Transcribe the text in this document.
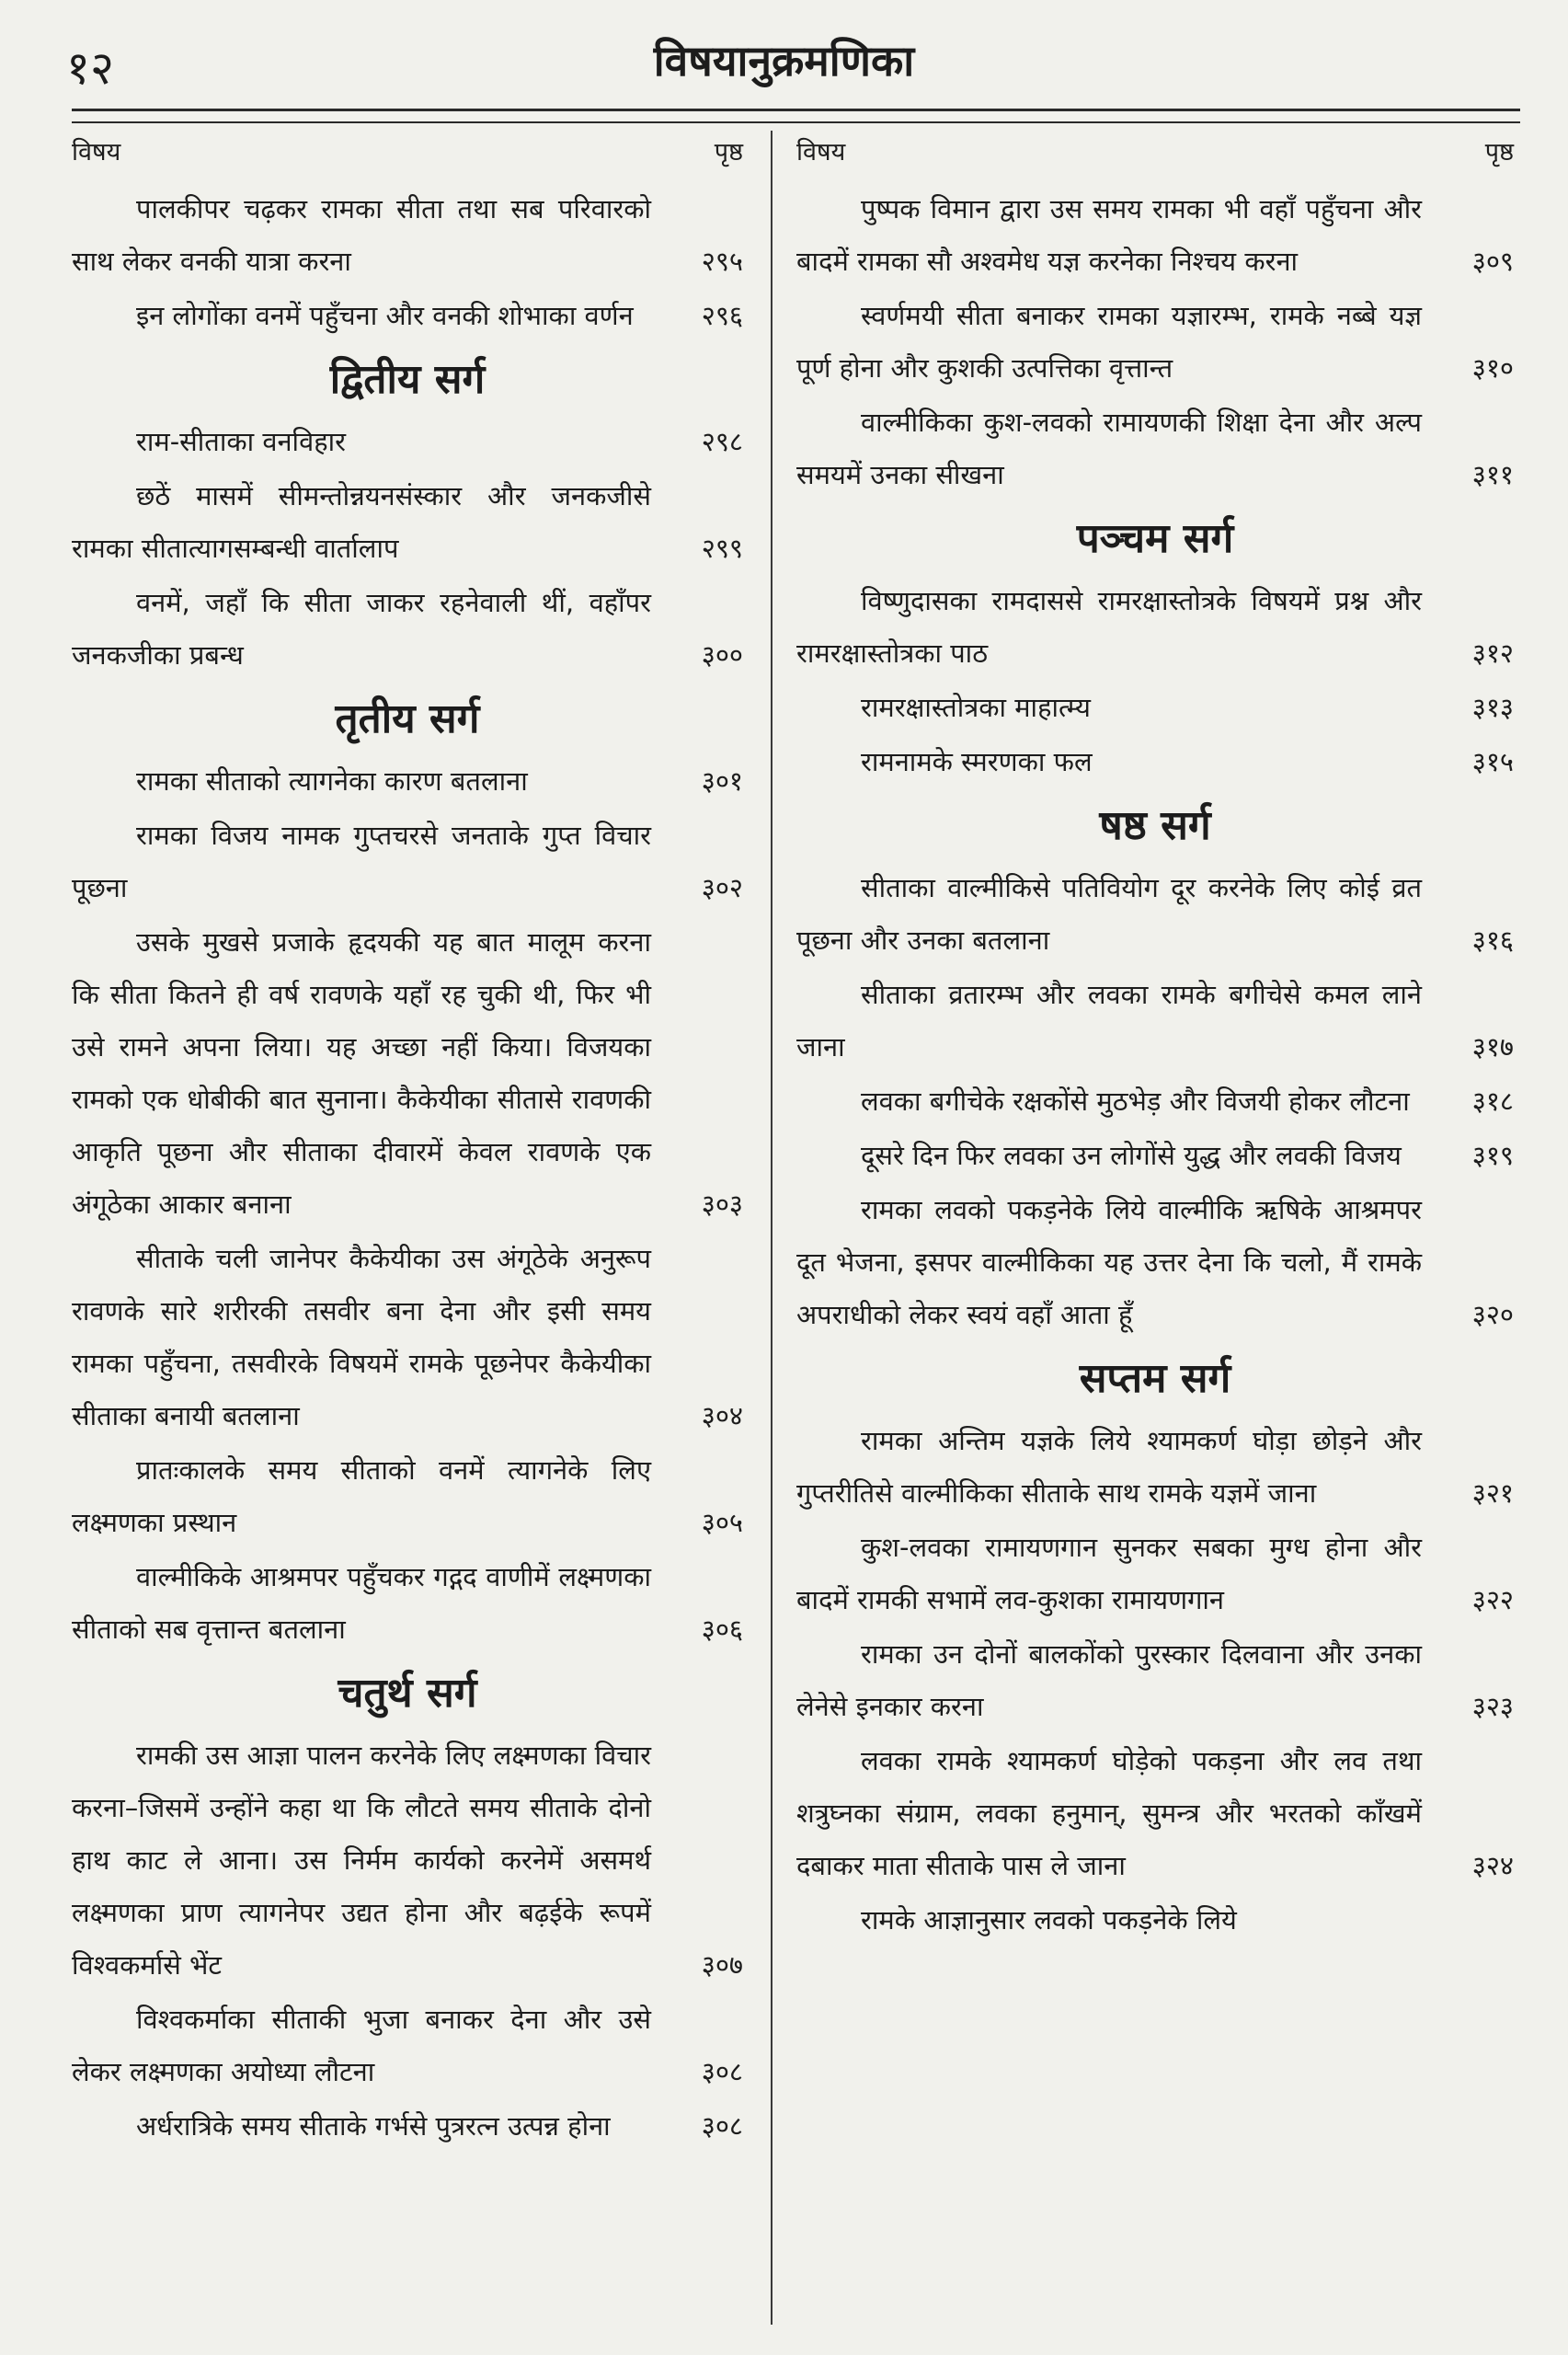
१२	विषयानुक्रमणिका
विषय	पृष्ठ
पालकीपर चढ़कर रामका सीता तथा सब परिवारको साथ लेकर वनकी यात्रा करना	२९५
इन लोगोंका वनमें पहुँचना और वनकी शोभाका वर्णन	२९६
द्वितीय सर्ग
राम-सीताका वनविहार	२९८
छठें मासमें सीमन्तोन्नयनसंस्कार और जनकजीसे रामका सीतात्यागसम्बन्धी वार्तालाप	२९९
वनमें, जहाँ कि सीता जाकर रहनेवाली थीं, वहाँपर जनकजीका प्रबन्ध	३००
तृतीय सर्ग
रामका सीताको त्यागनेका कारण बतलाना	३०१
रामका विजय नामक गुप्तचरसे जनताके गुप्त विचार पूछना	३०२
उसके मुखसे प्रजाके हृदयकी यह बात मालूम करना कि सीता कितने ही वर्ष रावणके यहाँ रह चुकी थी, फिर भी उसे रामने अपना लिया। यह अच्छा नहीं किया। विजयका रामको एक धोबीकी बात सुनाना। कैकेयीका सीतासे रावणकी आकृति पूछना और सीताका दीवारमें केवल रावणके एक अंगूठेका आकार बनाना	३०३
सीताके चली जानेपर कैकेयीका उस अंगूठेके अनुरूप रावणके सारे शरीरकी तसवीर बना देना और इसी समय रामका पहुँचना, तसवीरके विषयमें रामके पूछनेपर कैकेयीका सीताका बनायी बतलाना	३०४
प्रातःकालके समय सीताको वनमें त्यागनेके लिए लक्ष्मणका प्रस्थान	३०५
वाल्मीकिके आश्रमपर पहुँचकर गद्गद वाणीमें लक्ष्मणका सीताको सब वृत्तान्त बतलाना	३०६
चतुर्थ सर्ग
रामकी उस आज्ञा पालन करनेके लिए लक्ष्मणका विचार करना–जिसमें उन्होंने कहा था कि लौटते समय सीताके दोनो हाथ काट ले आना। उस निर्मम कार्यको करनेमें असमर्थ लक्ष्मणका प्राण त्यागनेपर उद्यत होना और बढ़ईके रूपमें विश्वकर्मासे भेंट	३०७
विश्वकर्माका सीताकी भुजा बनाकर देना और उसे लेकर लक्ष्मणका अयोध्या लौटना	३०८
अर्धरात्रिके समय सीताके गर्भसे पुत्ररत्न उत्पन्न होना	३०८
विषय	पृष्ठ
पुष्पक विमान द्वारा उस समय रामका भी वहाँ पहुँचना और बादमें रामका सौ अश्वमेध यज्ञ करनेका निश्चय करना	३०९
स्वर्णमयी सीता बनाकर रामका यज्ञारम्भ, रामके नब्बे यज्ञ पूर्ण होना और कुशकी उत्पत्तिका वृत्तान्त	३१०
वाल्मीकिका कुश-लवको रामायणकी शिक्षा देना और अल्प समयमें उनका सीखना	३११
पञ्चम सर्ग
विष्णुदासका रामदाससे रामरक्षास्तोत्रके विषयमें प्रश्न और रामरक्षास्तोत्रका पाठ	३१२
रामरक्षास्तोत्रका माहात्म्य	३१३
रामनामके स्मरणका फल	३१५
षष्ठ सर्ग
सीताका वाल्मीकिसे पतिवियोग दूर करनेके लिए कोई व्रत पूछना और उनका बतलाना	३१६
सीताका व्रतारम्भ और लवका रामके बगीचेसे कमल लाने जाना	३१७
लवका बगीचेके रक्षकोंसे मुठभेड़ और विजयी होकर लौटना	३१८
दूसरे दिन फिर लवका उन लोगोंसे युद्ध और लवकी विजय	३१९
रामका लवको पकड़नेके लिये वाल्मीकि ऋषिके आश्रमपर दूत भेजना, इसपर वाल्मीकिका यह उत्तर देना कि चलो, मैं रामके अपराधीको लेकर स्वयं वहाँ आता हूँ	३२०
सप्तम सर्ग
रामका अन्तिम यज्ञके लिये श्यामकर्ण घोड़ा छोड़ने और गुप्तरीतिसे वाल्मीकिका सीताके साथ रामके यज्ञमें जाना	३२१
कुश-लवका रामायणगान सुनकर सबका मुग्ध होना और बादमें रामकी सभामें लव-कुशका रामायणगान	३२२
रामका उन दोनों बालकोंको पुरस्कार दिलवाना और उनका लेनेसे इनकार करना	३२३
लवका रामके श्यामकर्ण घोड़ेको पकड़ना और लव तथा शत्रुघ्नका संग्राम, लवका हनुमान्, सुमन्त्र और भरतको काँखमें दबाकर माता सीताके पास ले जाना	३२४
रामके आज्ञानुसार लवको पकड़नेके लिये
